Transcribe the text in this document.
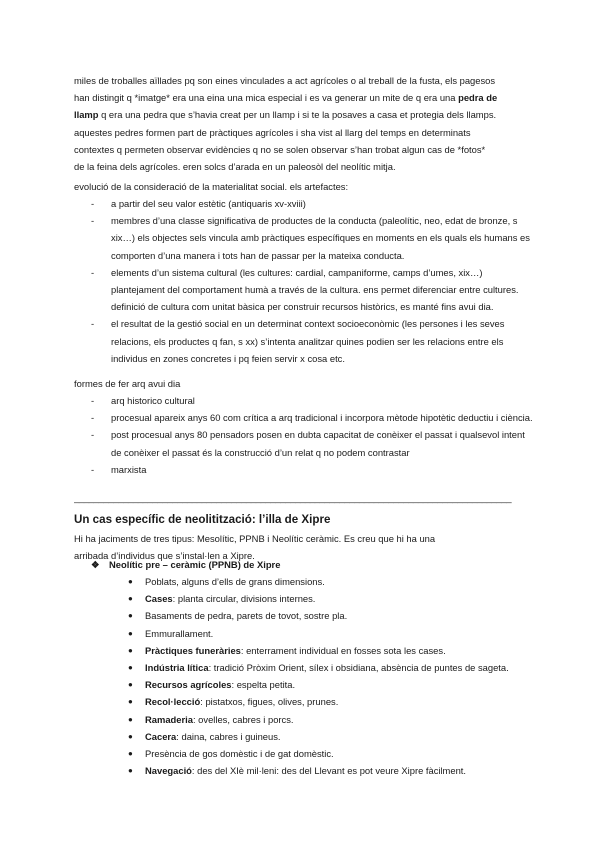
miles de troballes aïllades pq son eines vinculades a act agrícoles o al treball de la fusta, els pagesos
han distingit q *imatge* era una eina una mica especial i es va generar un mite de q era una pedra de
llamp q era una pedra que s’havia creat per un llamp i si te la posaves a casa et protegia dels llamps.
aquestes pedres formen part de pràctiques agrícoles i sha vist al llarg del temps en determinats
contextes q permeten observar evidències q no se solen observar s’han trobat algun cas de *fotos*
de la feina dels agrícoles. eren solcs d’arada en un paleosòl del neolític mitja.
evolució de la consideració de la materialitat social. els artefactes:
- a partir del seu valor estètic (antiquaris xv-xviii)
- membres d’una classe significativa de productes de la conducta (paleolític, neo, edat de bronze, s xix…) els objectes sels vincula amb pràctiques específiques en moments en els quals els humans es comporten d’una manera i tots han de passar per la mateixa conducta.
- elements d’un sistema cultural (les cultures: cardial, campaniforme, camps d’umes, xix…) plantejament del comportament humà a través de la cultura. ens permet diferenciar entre cultures. definició de cultura com unitat bàsica per construir recursos històrics, es manté fins avui dia.
- el resultat de la gestió social en un determinat context socioeconòmic (les persones i les seves relacions, els productes q fan, s xx) s’intenta analitzar quines podien ser les relacions entre els individus en zones concretes i pq feien servir x cosa etc.
formes de fer arq avui dia
- arq historico cultural
- procesual apareix anys 60 com crítica a arq tradicional i incorpora mètode hipotètic deductiu i ciència.
- post procesual anys 80 pensadors posen en dubta capacitat de conèixer el passat i qualsevol intent de conèixer el passat és la construcció d’un relat q no podem contrastar
- marxista
_________________________________________________________________________________________
Un cas específic de neolitització: l’illa de Xipre
Hi ha jaciments de tres tipus: Mesolític, PPNB i Neolític ceràmic. Es creu que hi ha una
arribada d’individus que s’instal·len a Xipre.
❖ Neolític pre – ceràmic (PPNB) de Xipre
● Poblats, alguns d’ells de grans dimensions.
● Cases: planta circular, divisions internes.
● Basaments de pedra, parets de tovot, sostre pla.
● Emmurallament.
● Pràctiques funeràries: enterrament individual en fosses sota les cases.
● Indústria lítica: tradició Pròxim Orient, sílex i obsidiana, absència de puntes de sageta.
● Recursos agrícoles: espelta petita.
● Recol·lecció: pistatxos, figues, olives, prunes.
● Ramaderia: ovelles, cabres i porcs.
● Cacera: daina, cabres i guineus.
● Presència de gos domèstic i de gat domèstic.
● Navegació: des del XIè mil·leni: des del Llevant es pot veure Xipre fàcilment.
